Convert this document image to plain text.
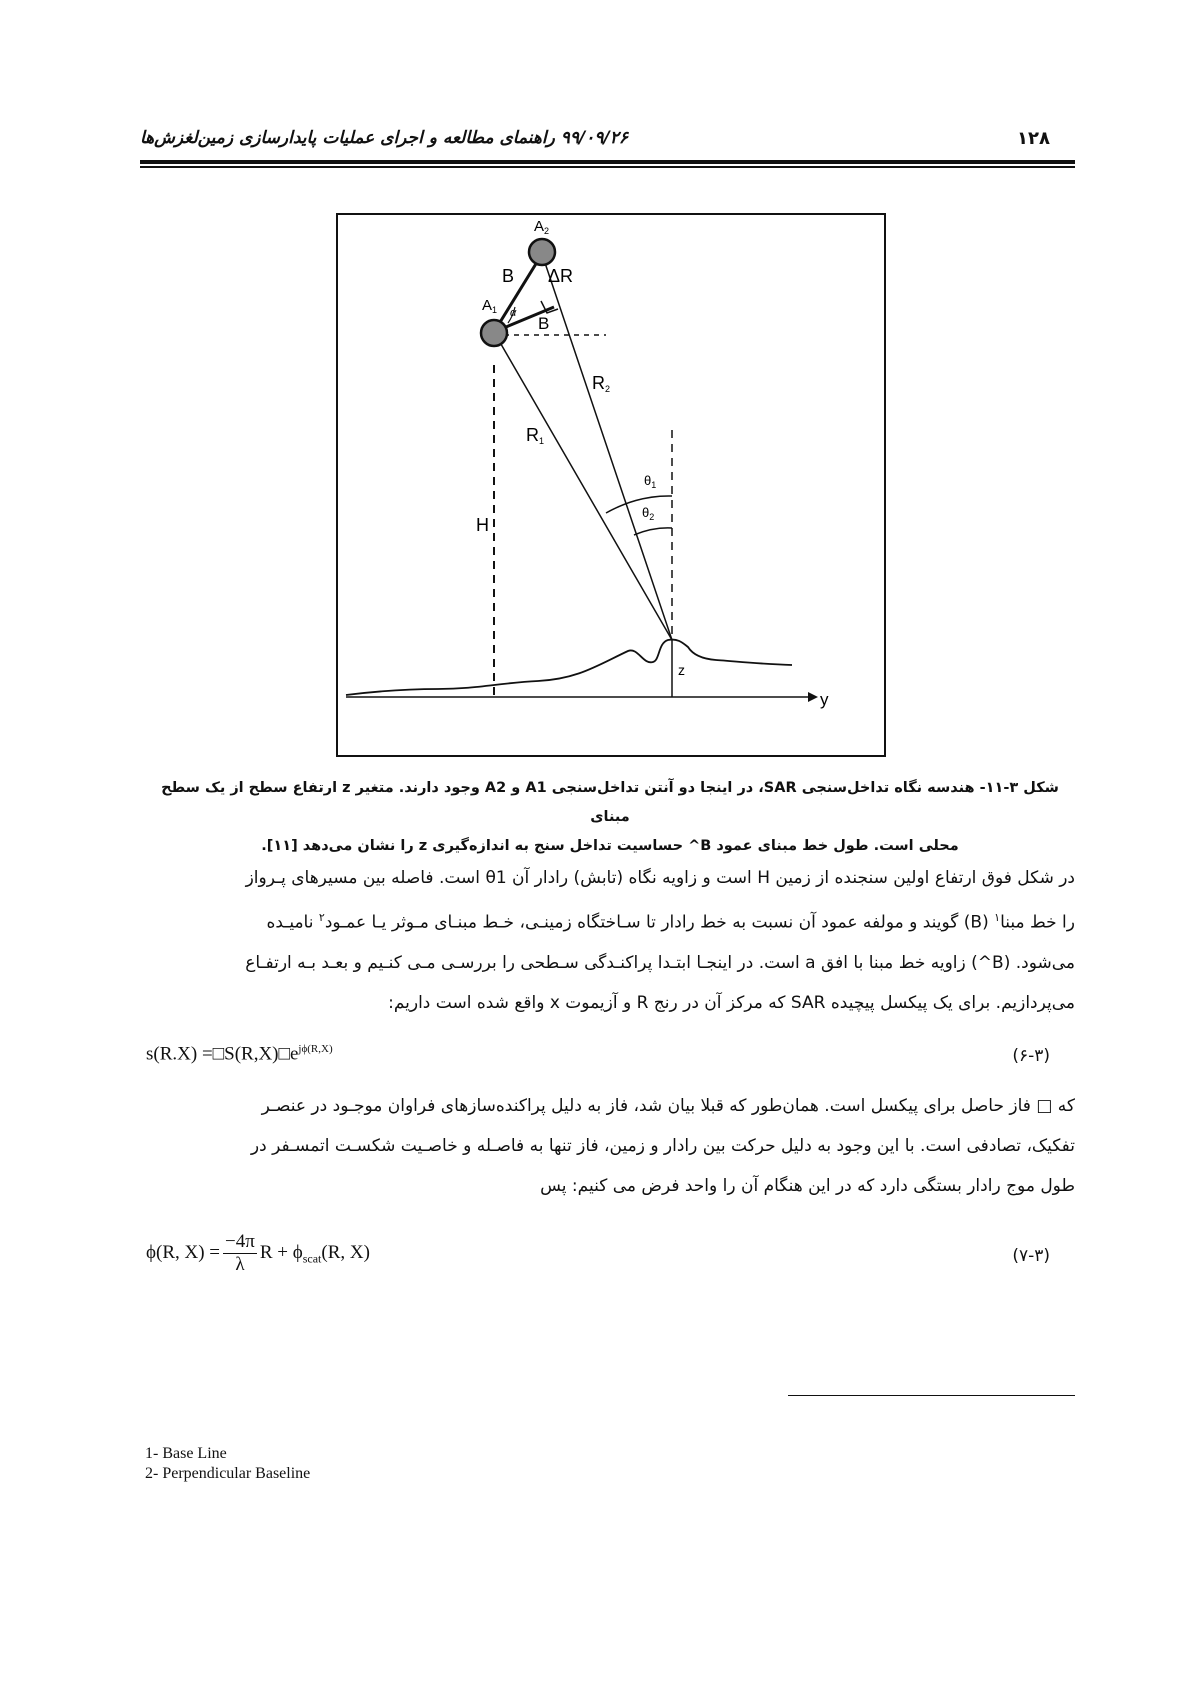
۹۹/۰۹/۲۶ راهنمای مطالعه و اجرای عملیات پایدارسازی زمین‌لغزش‌ها	۱۲۸
$A_2$
$A_1$
B ΔR
α
B
R1
R2
H
$\theta_1$
$\theta_2$
z
y
شکل ۳-۱۱- هندسه نگاه تداخل‌سنجی SAR، در اینجا دو آنتن تداخل‌سنجی A1 و A2 وجود دارند. متغیر z ارتفاع سطح از یک سطح مبنای
محلی است. طول خط مبنای عمود B^ حساسیت تداخل سنج به اندازه‌گیری z را نشان می‌دهد [۱۱].

در شکل فوق ارتفاع اولین سنجنده از زمین H است و زاویه نگاه (تابش) رادار آن θ1 است. فاصله بین مسیرهای پـرواز

را خط مبنا$^۱$ (B) گویند و مولفه عمود آن نسبت به خط رادار تا سـاختگاه زمینـی، خـط مبنـای مـوثر یـا عمـود$^۲$ نامیـده

می‌شود. (B^) زاویه خط مبنا با افق a است. در اینجـا ابتـدا پراکنـدگی سـطحی را بررسـی مـی کنـیم و بعـد بـه ارتفـاع

می‌پردازیم. برای یک پیکسل پیچیده SAR که مرکز آن در رنج R و آزیموت x واقع شده است داریم:

$s(R.X) =□S(R,X)□e^{j\phi(R,X)}$	(۶-۳)

که □ فاز حاصل برای پیکسل است. همان‌طور که قبلا بیان شد، فاز به دلیل پراکنده‌سازهای فراوان موجـود در عنصـر

تفکیک، تصادفی است. با این وجود به دلیل حرکت بین رادار و زمین، فاز تنها به فاصـله و خاصـیت شکسـت اتمسـفر در

طول موج رادار بستگی دارد که در این هنگام آن را واحد فرض می کنیم: پس

ϕ(R, $X) = \frac{-4\pi}{\lambda}$ $R + \phi_{scat}(R$, X)	(۷-۳)
1- Base Line
2- Perpendicular Baseline
